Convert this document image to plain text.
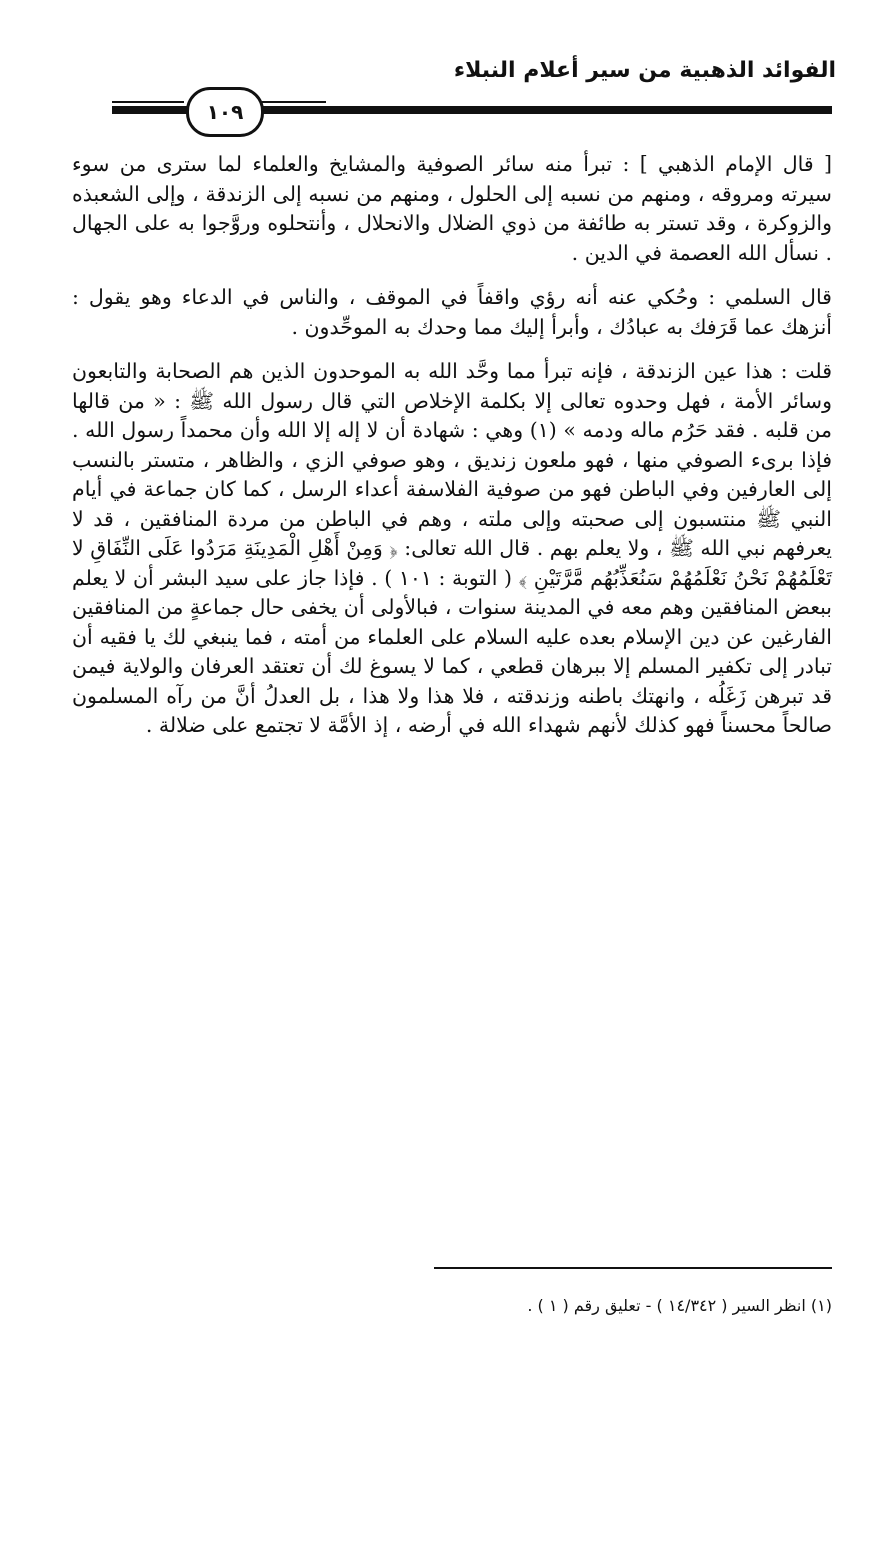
الفوائد الذهبية من سير أعلام النبلاء
١٠٩

[ قال الإمام الذهبي ] : تبرأ منه سائر الصوفية والمشايخ والعلماء لما سترى من سوء سيرته ومروقه ، ومنهم من نسبه إلى الحلول ، ومنهم من نسبه إلى الزندقة ، وإلى الشعبذه والزوكرة ، وقد تستر به طائفة من ذوي الضلال والانحلال ، وأنتحلوه وروَّجوا به على الجهال . نسأل الله العصمة في الدين .

قال السلمي : وحُكي عنه أنه رؤي واقفاً في الموقف ، والناس في الدعاء وهو يقول : أنزهك عما قَرَفك به عبادُك ، وأبرأ إليك مما وحدك به الموحِّدون .

قلت : هذا عين الزندقة ، فإنه تبرأ مما وحَّد الله به الموحدون الذين هم الصحابة والتابعون وسائر الأمة ، فهل وحدوه تعالى إلا بكلمة الإخلاص التي قال رسول الله ﷺ : « من قالها من قلبه . فقد حَرُم ماله ودمه » (١) وهي : شهادة أن لا إله إلا الله وأن محمداً رسول الله . فإذا برىء الصوفي منها ، فهو ملعون زنديق ، وهو صوفي الزي ، والظاهر ، متستر بالنسب إلى العارفين وفي الباطن فهو من صوفية الفلاسفة أعداء الرسل ، كما كان جماعة في أيام النبي ﷺ منتسبون إلى صحبته وإلى ملته ، وهم في الباطن من مردة المنافقين ، قد لا يعرفهم نبي الله ﷺ ، ولا يعلم بهم . قال الله تعالى: ﴿ وَمِنْ أَهْلِ الْمَدِينَةِ مَرَدُوا عَلَى النِّفَاقِ لا تَعْلَمُهُمْ نَحْنُ نَعْلَمُهُمْ سَنُعَذِّبُهُم مَّرَّتَيْنِ ﴾ ( التوبة : ١٠١ ) . فإذا جاز على سيد البشر أن لا يعلم ببعض المنافقين وهم معه في المدينة سنوات ، فبالأولى أن يخفى حال جماعةٍ من المنافقين الفارغين عن دين الإسلام بعده عليه السلام على العلماء من أمته ، فما ينبغي لك يا فقيه أن تبادر إلى تكفير المسلم إلا ببرهان قطعي ، كما لا يسوغ لك أن تعتقد العرفان والولاية فيمن قد تبرهن زَغَلُه ، وانهتك باطنه وزندقته ، فلا هذا ولا هذا ، بل العدلُ أنَّ من رآه المسلمون صالحاً محسناً فهو كذلك لأنهم شهداء الله في أرضه ، إذ الأمَّة لا تجتمع على ضلالة .

(١) انظر السير ( ١٤/٣٤٢ ) - تعليق رقم ( ١ ) .
